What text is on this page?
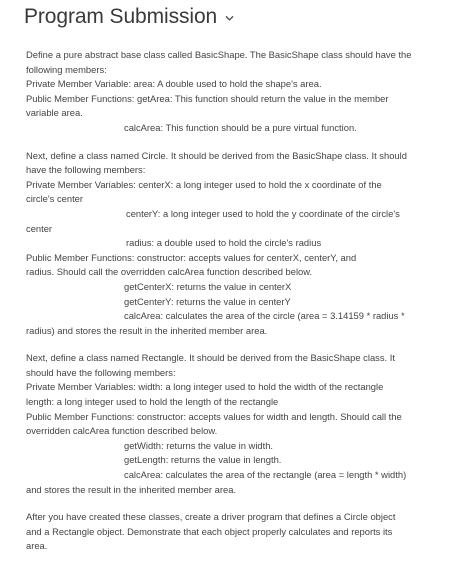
Program Submission
Define a pure abstract base class called BasicShape. The BasicShape class should have the
following members:
Private Member Variable: area: A double used to hold the shape's area.
Public Member Functions: getArea: This function should return the value in the member
variable area.
calcArea: This function should be a pure virtual function.
Next, define a class named Circle. It should be derived from the BasicShape class. It should
have the following members:
Private Member Variables: centerX: a long integer used to hold the x coordinate of the
circle's center
centerY: a long integer used to hold the y coordinate of the circle's
center
radius: a double used to hold the circle's radius
Public Member Functions: constructor: accepts values for centerX, centerY, and
radius. Should call the overridden calcArea function described below.
getCenterX: returns the value in centerX
getCenterY: returns the value in centerY
calcArea: calculates the area of the circle (area = 3.14159 * radius *
radius) and stores the result in the inherited member area.
Next, define a class named Rectangle. It should be derived from the BasicShape class. It
should have the following members:
Private Member Variables: width: a long integer used to hold the width of the rectangle
length: a long integer used to hold the length of the rectangle
Public Member Functions: constructor: accepts values for width and length. Should call the
overridden calcArea function described below.
getWidth: returns the value in width.
getLength: returns the value in length.
calcArea: calculates the area of the rectangle (area = length * width)
and stores the result in the inherited member area.
After you have created these classes, create a driver program that defines a Circle object
and a Rectangle object. Demonstrate that each object properly calculates and reports its
area.
